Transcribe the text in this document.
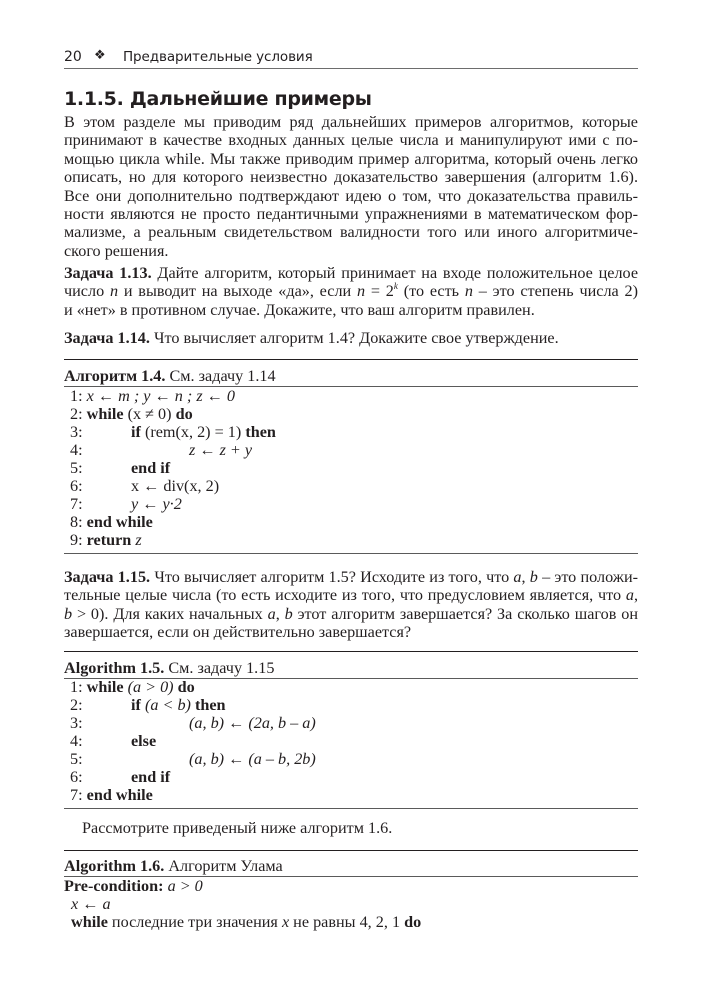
20 ❖ Предварительные условия
1.1.5. Дальнейшие примеры
В этом разделе мы приводим ряд дальнейших примеров алгоритмов, которые
принимают в качестве входных данных целые числа и манипулируют ими с по-
мощью цикла while. Мы также приводим пример алгоритма, который очень легко
описать, но для которого неизвестно доказательство завершения (алгоритм 1.6).
Все они дополнительно подтверждают идею о том, что доказательства правиль-
ности являются не просто педантичными упражнениями в математическом фор-
мализме, а реальным свидетельством валидности того или иного алгоритмиче-
ского решения.
Задача 1.13. Дайте алгоритм, который принимает на входе положительное целое
число n и выводит на выходе «да», если $n = 2^k$ (то есть n – это степень числа 2)
и «нет» в противном случае. Докажите, что ваш алгоритм правилен.
Задача 1.14. Что вычисляет алгоритм 1.4? Докажите свое утверждение.
Алгоритм 1.4. См. задачу 1.14
1: x ← m ; y ← n ; z ← 0
2: while (x ≠ 0) do
3:	if (rem(x, 2) = 1) then
4:	z ← z + y
5:	end if
6:	x ← div(x, 2)
7:	y ← y·2
8: end while
9: return z
Задача 1.15. Что вычисляет алгоритм 1.5? Исходите из того, что a, b – это положи-
тельные целые числа (то есть исходите из того, что предусловием является, что a,
b > 0). Для каких начальных a, b этот алгоритм завершается? За сколько шагов он
завершается, если он действительно завершается?
Algorithm 1.5. См. задачу 1.15
1: while (a > 0) do
2:	if (a < b) then
3:	(a, b) ← (2a, b – a)
4:	else
5:	(a, b) ← (a – b, 2b)
6:	end if
7: end while
Рассмотрите приведеный ниже алгоритм 1.6.
Algorithm 1.6. Алгоритм Улама
Pre-condition: a > 0
x ← a
while последние три значения x не равны 4, 2, 1 do
